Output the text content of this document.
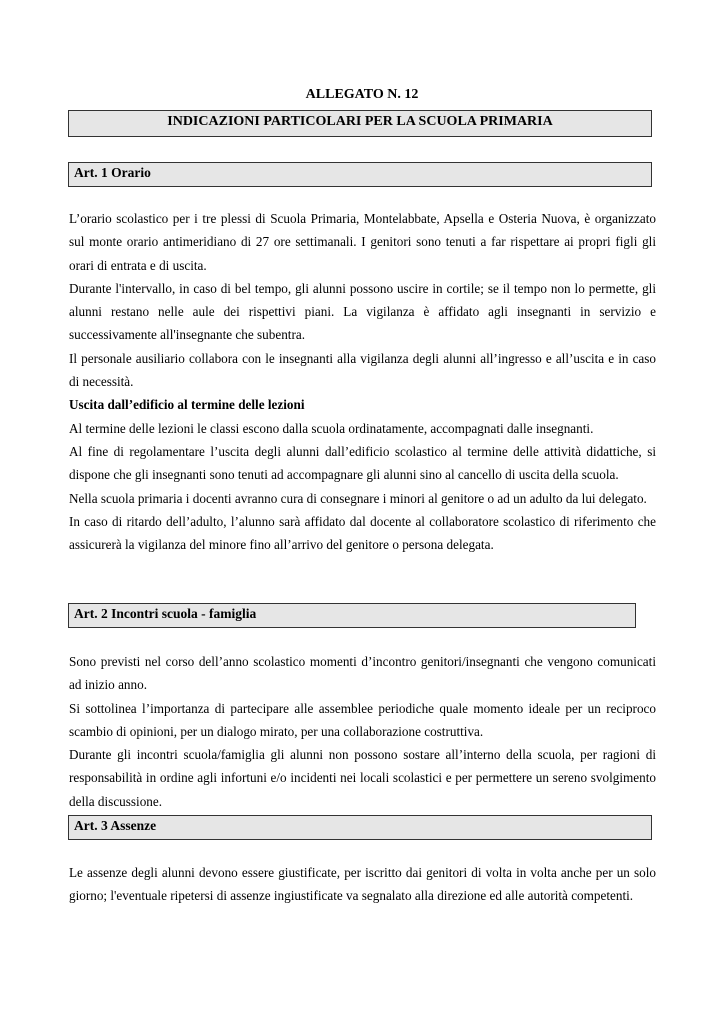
ALLEGATO N. 12
INDICAZIONI PARTICOLARI PER LA SCUOLA PRIMARIA
Art. 1 Orario

L’orario scolastico per i tre plessi di Scuola Primaria, Montelabbate, Apsella e Osteria Nuova, è organizzato sul monte orario antimeridiano di 27 ore settimanali. I genitori sono tenuti a far rispettare ai propri figli gli orari di entrata e di uscita.

Durante l'intervallo, in caso di bel tempo, gli alunni possono uscire in cortile; se il tempo non lo permette, gli alunni restano nelle aule dei rispettivi piani. La vigilanza è affidato agli insegnanti in servizio e successivamente all'insegnante che subentra.

Il personale ausiliario collabora con le insegnanti alla vigilanza degli alunni all’ingresso e all’uscita e in caso di necessità.

Uscita dall’edificio al termine delle lezioni

Al termine delle lezioni le classi escono dalla scuola ordinatamente, accompagnati dalle insegnanti.

Al fine di regolamentare l’uscita degli alunni dall’edificio scolastico al termine delle attività didattiche, si dispone che gli insegnanti sono tenuti ad accompagnare gli alunni sino al cancello di uscita della scuola.

Nella scuola primaria i docenti avranno cura di consegnare i minori al genitore o ad un adulto da lui delegato.

In caso di ritardo dell’adulto, l’alunno sarà affidato dal docente al collaboratore scolastico di riferimento che assicurerà la vigilanza del minore fino all’arrivo del genitore o persona delegata.

Art. 2 Incontri scuola - famiglia

Sono previsti nel corso dell’anno scolastico momenti d’incontro genitori/insegnanti che vengono comunicati ad inizio anno.

Si sottolinea l’importanza di partecipare alle assemblee periodiche quale momento ideale per un reciproco scambio di opinioni, per un dialogo mirato, per una collaborazione costruttiva.

Durante gli incontri scuola/famiglia gli alunni non possono sostare all’interno della scuola, per ragioni di responsabilità in ordine agli infortuni e/o incidenti nei locali scolastici e per permettere un sereno svolgimento della discussione.

Art. 3 Assenze

Le assenze degli alunni devono essere giustificate, per iscritto dai genitori di volta in volta anche per un solo giorno; l'eventuale ripetersi di assenze ingiustificate va segnalato alla direzione ed alle autorità competenti.
